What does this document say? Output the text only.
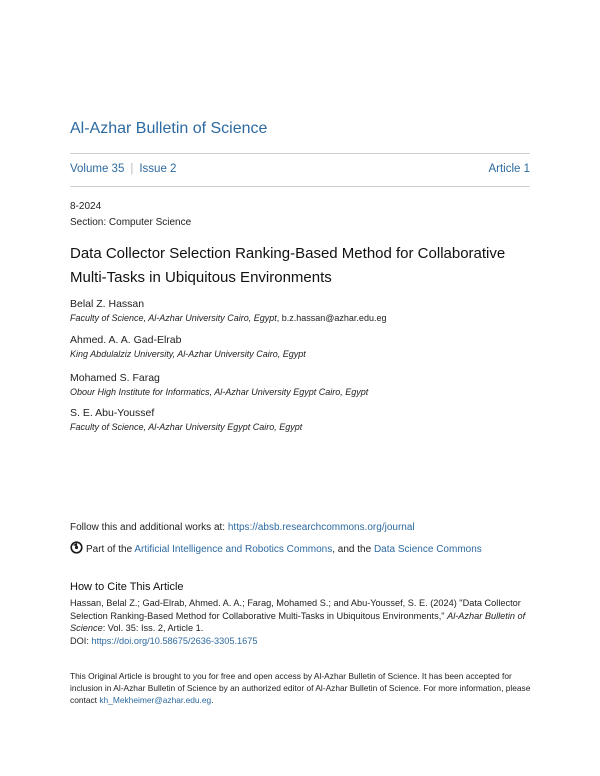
Al-Azhar Bulletin of Science
Volume 35 | Issue 2	Article 1
8-2024
Section: Computer Science
Data Collector Selection Ranking-Based Method for Collaborative Multi-Tasks in Ubiquitous Environments
Belal Z. Hassan
Faculty of Science, Al-Azhar University Cairo, Egypt, b.z.hassan@azhar.edu.eg
Ahmed. A. A. Gad-Elrab
King Abdulalziz University, Al-Azhar University Cairo, Egypt
Mohamed S. Farag
Obour High Institute for Informatics, Al-Azhar University Egypt Cairo, Egypt
S. E. Abu-Youssef
Faculty of Science, Al-Azhar University Egypt Cairo, Egypt
Follow this and additional works at: https://absb.researchcommons.org/journal
Part of the Artificial Intelligence and Robotics Commons, and the Data Science Commons
How to Cite This Article
Hassan, Belal Z.; Gad-Elrab, Ahmed. A. A.; Farag, Mohamed S.; and Abu-Youssef, S. E. (2024) "Data Collector Selection Ranking-Based Method for Collaborative Multi-Tasks in Ubiquitous Environments," Al-Azhar Bulletin of Science: Vol. 35: Iss. 2, Article 1.
DOI: https://doi.org/10.58675/2636-3305.1675
This Original Article is brought to you for free and open access by Al-Azhar Bulletin of Science. It has been accepted for inclusion in Al-Azhar Bulletin of Science by an authorized editor of Al-Azhar Bulletin of Science. For more information, please contact kh_Mekheimer@azhar.edu.eg.
